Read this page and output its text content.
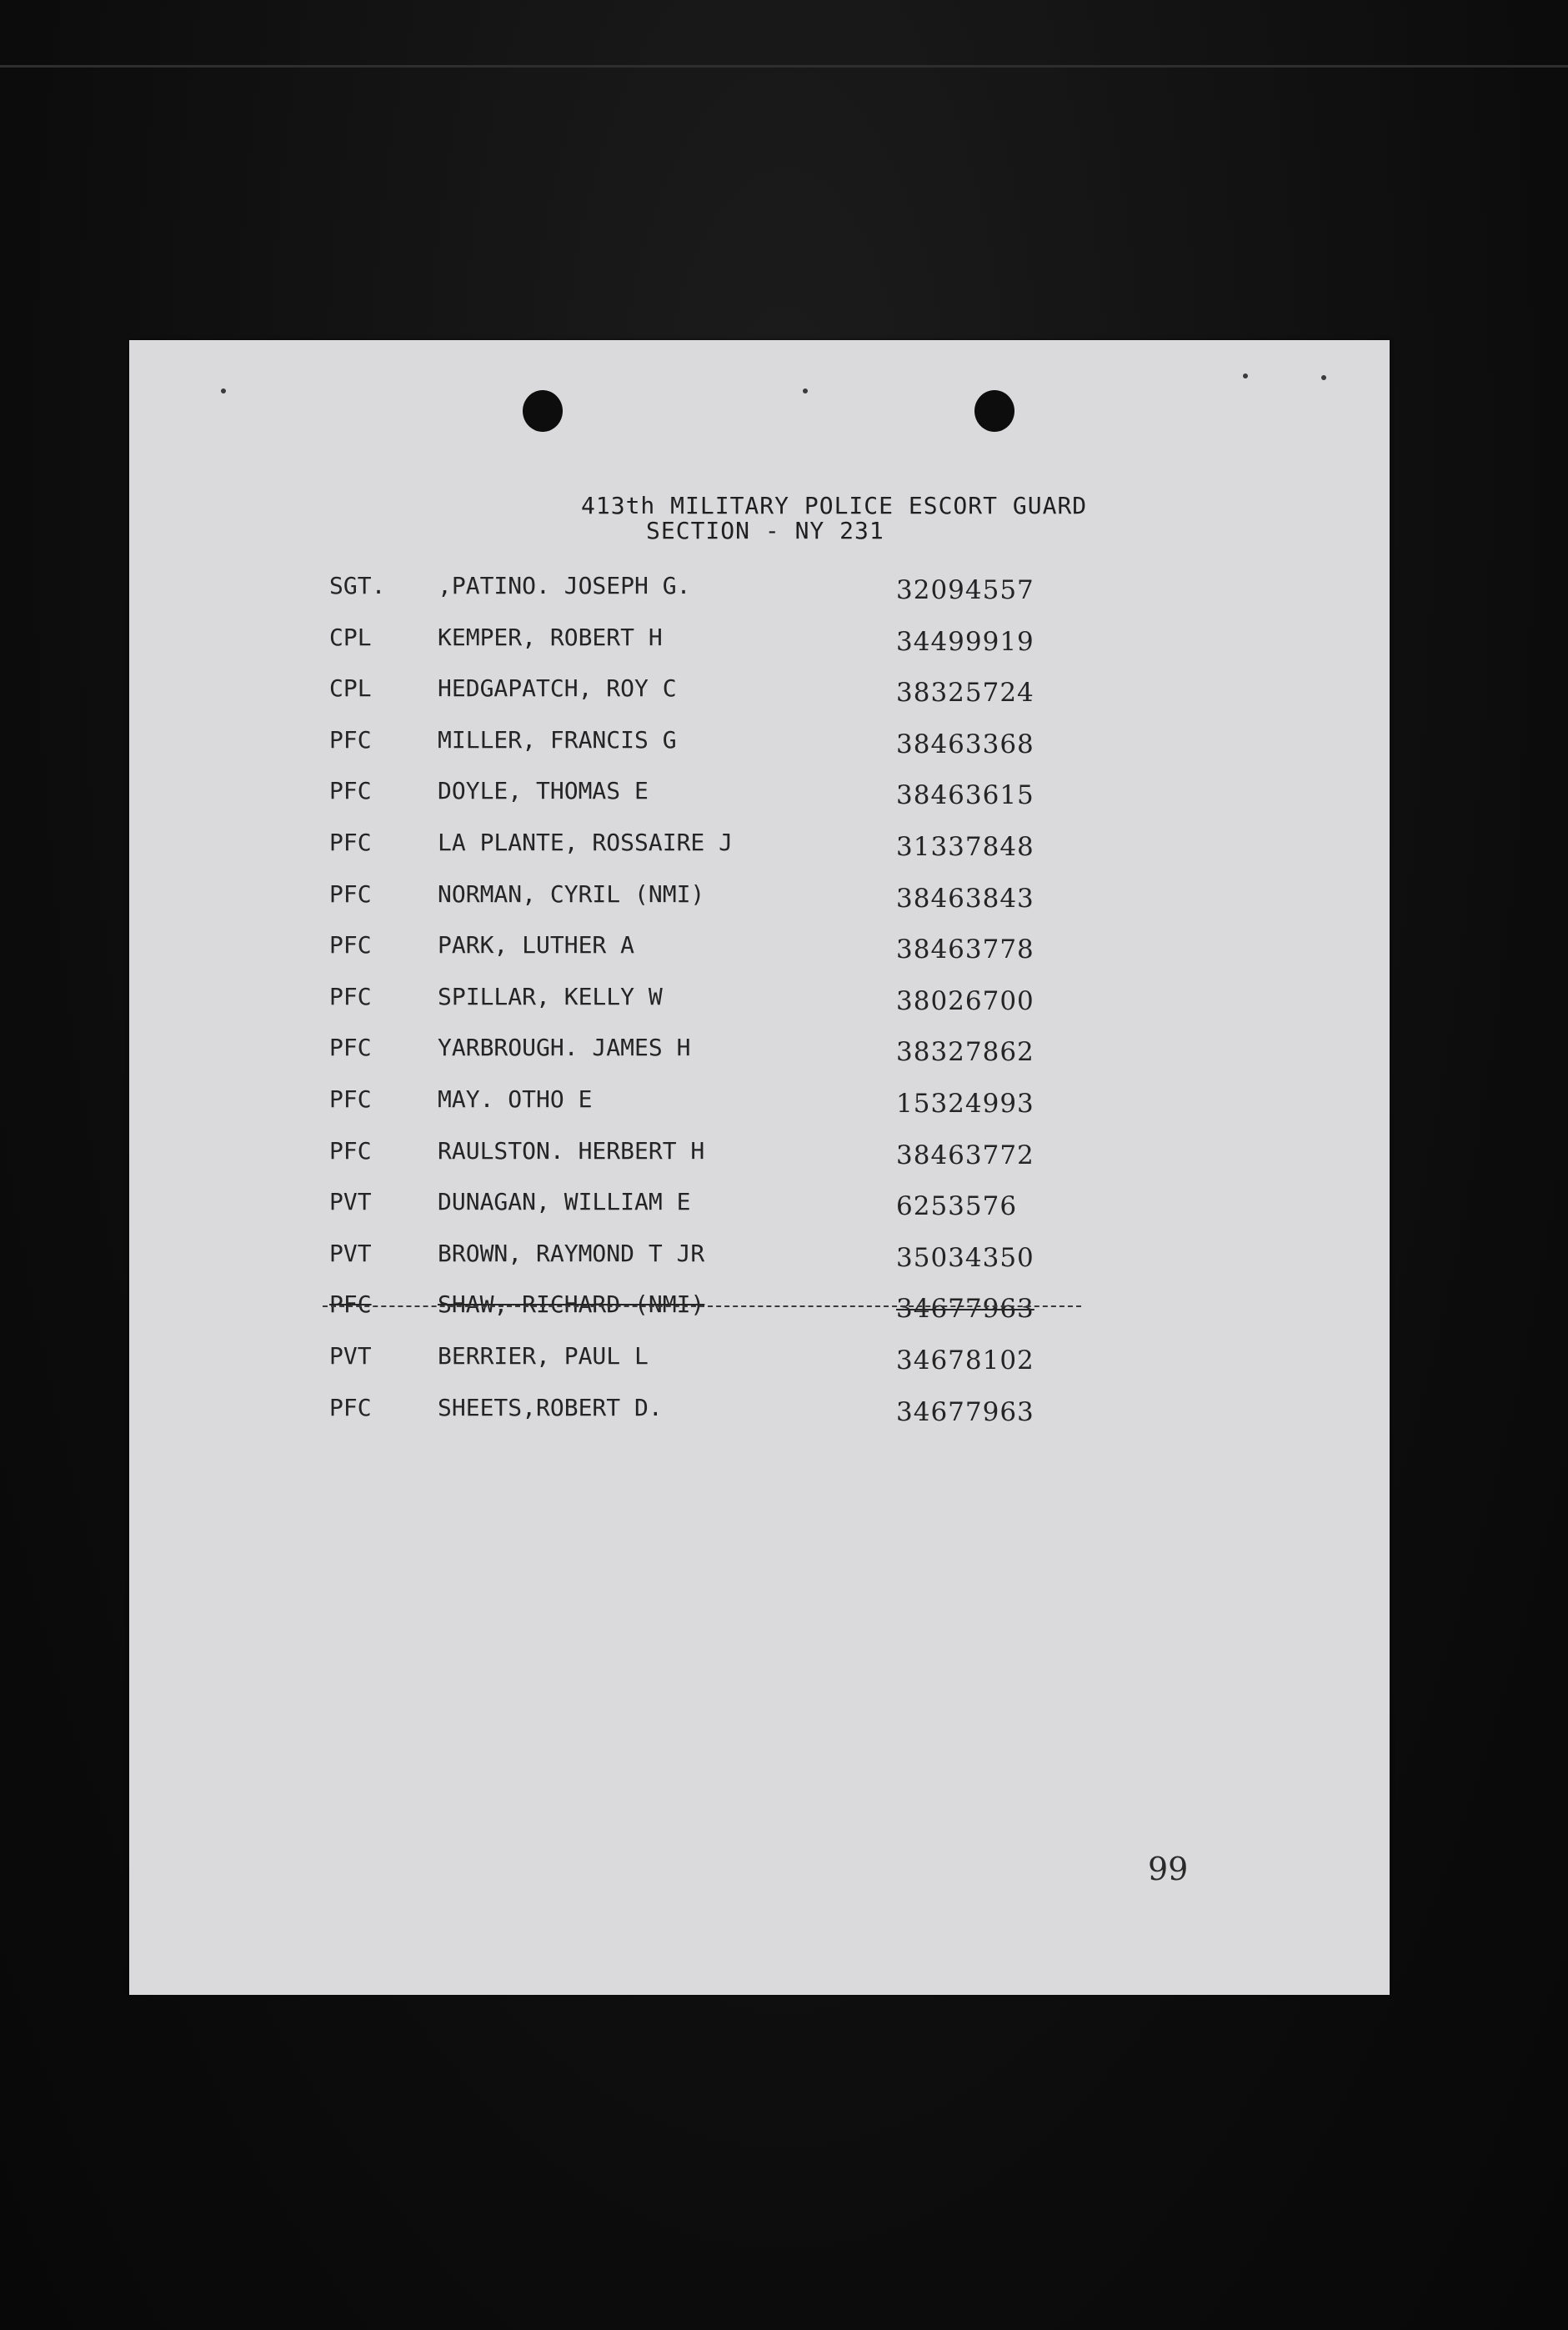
413th MILITARY POLICE ESCORT GUARD
SECTION - NY 231
SGT.	,PATINO. JOSEPH G.	32094557
CPL	KEMPER, ROBERT H	34499919
CPL	HEDGAPATCH, ROY C	38325724
PFC	MILLER, FRANCIS G	38463368
PFC	DOYLE, THOMAS E	38463615
PFC	LA PLANTE, ROSSAIRE J	31337848
PFC	NORMAN, CYRIL (NMI)	38463843
PFC	PARK, LUTHER A	38463778
PFC	SPILLAR, KELLY W	38026700
PFC	YARBROUGH. JAMES H	38327862
PFC	MAY. OTHO E	15324993
PFC	RAULSTON. HERBERT H	38463772
PVT	DUNAGAN, WILLIAM E	6253576
PVT	BROWN, RAYMOND T JR	35034350
PFC	SHAW, RICHARD (NMI)	34677963
PVT	BERRIER, PAUL L	34678102
PFC	SHEETS,ROBERT D.	34677963
99
